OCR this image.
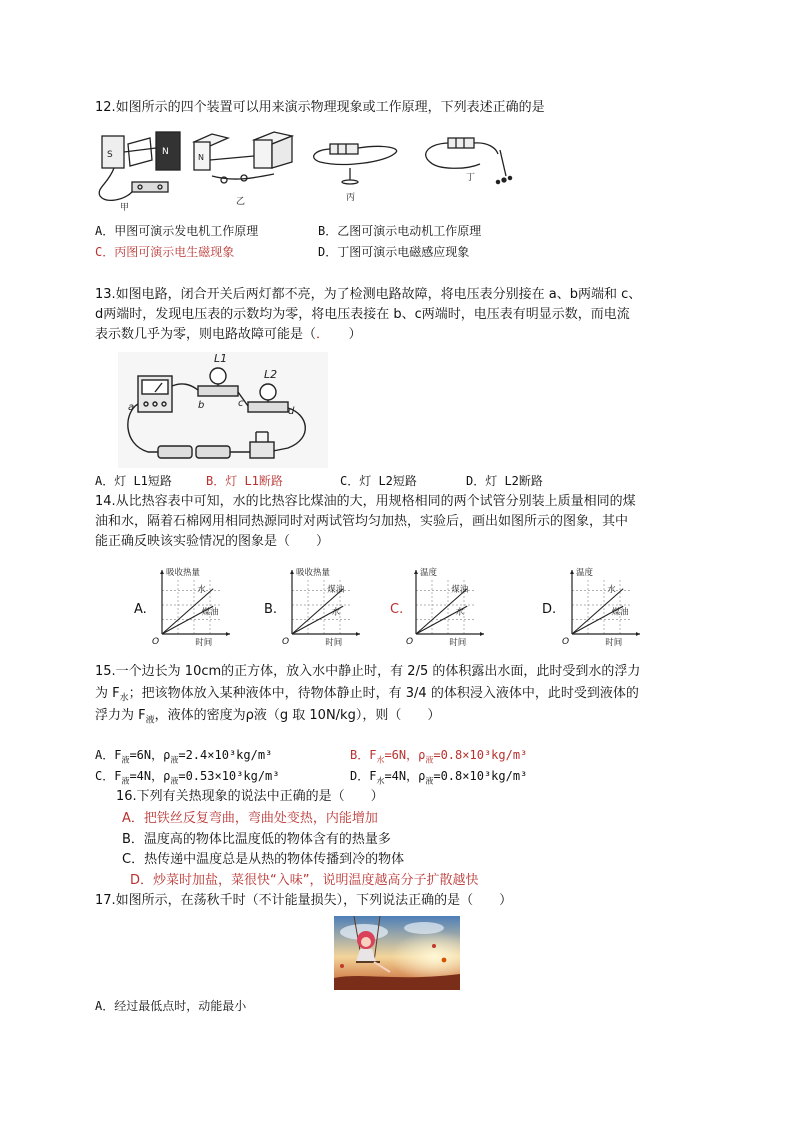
12.如图所示的四个装置可以用来演示物理现象或工作原理，下列表述正确的是
S	N
甲
N
乙	丙
丁
A．甲图可演示发电机工作原理	B．乙图可演示电动机工作原理
C．丙图可演示电生磁现象	D．丁图可演示电磁感应现象
13.如图电路，闭合开关后两灯都不亮，为了检测电路故障，将电压表分别接在 a、b两端和 c、
d两端时，发现电压表的示数均为零，将电压表接在 b、c两端时，电压表有明显示数，而电流
表示数几乎为零，则电路故障可能是（．　　 ）
L1
L2
a	b	c
d
A．灯 L1短路	B．灯 L1断路	C．灯 L2短路	D．灯 L2断路
14.从比热容表中可知，水的比热容比煤油的大，用规格相同的两个试管分别装上质量相同的煤
油和水，隔着石棉网用相同热源同时对两试管均匀加热，实验后，画出如图所示的图象，其中
能正确反映该实验情况的图象是（　　）
A.	B.	C.	D.
吸收热量
水
煤油
时间
O
吸收热量
煤油
水
时间
O
温度
煤油
水
时间
O
温度
水
煤油
时间
O
15.一个边长为 10cm的正方体，放入水中静止时，有 2/5 的体积露出水面，此时受到水的浮力
为 $F_水$；把该物体放入某种液体中，待物体静止时，有 3/4 的体积浸入液体中，此时受到液体的
浮力为 $F_液$，液体的密度为ρ液（g 取 10N/kg），则（　　）
A．$F_液=6N$，$\rho_液=2.4\times 10^3kg/m^3$	B．$F_水=6N$，$\rho_液=0.8\times 10^3kg/m^3$
C．$F_液=4N$，$\rho_液=0.53\times 10^3kg/m^3$	D．$F_水=4N$，$\rho_液=0.8\times 10^3kg/m^3$
16.下列有关热现象的说法中正确的是（　　）
A．把铁丝反复弯曲，弯曲处变热，内能增加
B．温度高的物体比温度低的物体含有的热量多
C．热传递中温度总是从热的物体传播到冷的物体
D．炒菜时加盐，菜很快“入味”，说明温度越高分子扩散越快
17.如图所示，在荡秋千时（不计能量损失），下列说法正确的是（　　）
A．经过最低点时，动能最小
